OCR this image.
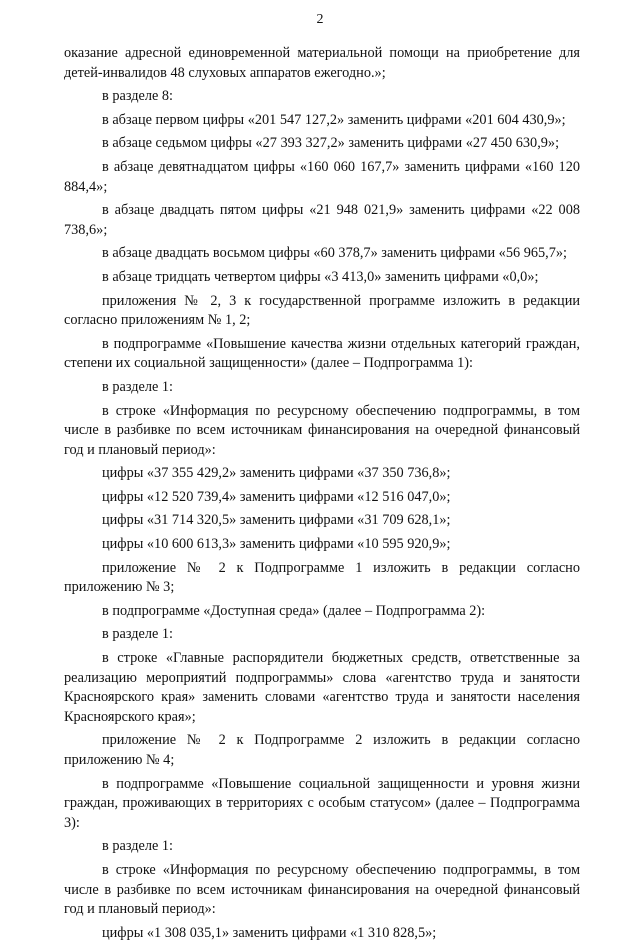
2

оказание адресной единовременной материальной помощи на приобретение для детей-инвалидов 48 слуховых аппаратов ежегодно.»;

в разделе 8:

в абзаце первом цифры «201 547 127,2» заменить цифрами «201 604 430,9»;

в абзаце седьмом цифры «27 393 327,2» заменить цифрами «27 450 630,9»;

в абзаце девятнадцатом цифры «160 060 167,7» заменить цифрами «160 120 884,4»;

в абзаце двадцать пятом цифры «21 948 021,9» заменить цифрами «22 008 738,6»;

в абзаце двадцать восьмом цифры «60 378,7» заменить цифрами «56 965,7»;

в абзаце тридцать четвертом цифры «3 413,0» заменить цифрами «0,0»;

приложения № 2, 3 к государственной программе изложить в редакции согласно приложениям № 1, 2;

в подпрограмме «Повышение качества жизни отдельных категорий граждан, степени их социальной защищенности» (далее – Подпрограмма 1):

в разделе 1:

в строке «Информация по ресурсному обеспечению подпрограммы, в том числе в разбивке по всем источникам финансирования на очередной финансовый год и плановый период»:

цифры «37 355 429,2» заменить цифрами «37 350 736,8»;

цифры «12 520 739,4» заменить цифрами «12 516 047,0»;

цифры «31 714 320,5» заменить цифрами «31 709 628,1»;

цифры «10 600 613,3» заменить цифрами «10 595 920,9»;

приложение № 2 к Подпрограмме 1 изложить в редакции согласно приложению № 3;

в подпрограмме «Доступная среда» (далее – Подпрограмма 2):

в разделе 1:

в строке «Главные распорядители бюджетных средств, ответственные за реализацию мероприятий подпрограммы» слова «агентство труда и занятости Красноярского края» заменить словами «агентство труда и занятости населения Красноярского края»;

приложение № 2 к Подпрограмме 2 изложить в редакции согласно приложению № 4;

в подпрограмме «Повышение социальной защищенности и уровня жизни граждан, проживающих в территориях с особым статусом» (далее – Подпрограмма 3):

в разделе 1:

в строке «Информация по ресурсному обеспечению подпрограммы, в том числе в разбивке по всем источникам финансирования на очередной финансовый год и плановый период»:

цифры «1 308 035,1» заменить цифрами «1 310 828,5»;
